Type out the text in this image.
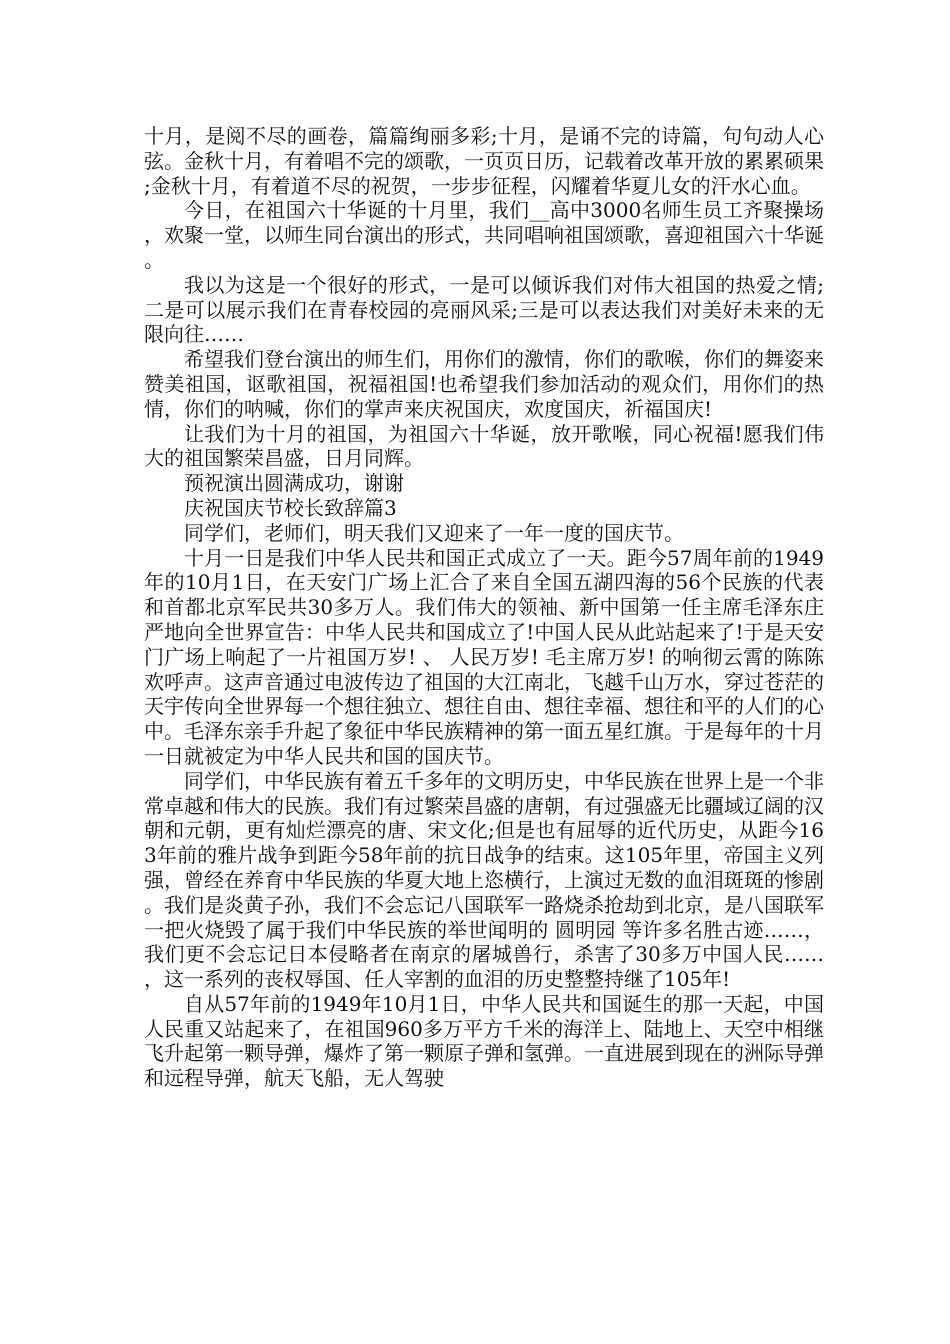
十月，是阅不尽的画卷，篇篇绚丽多彩;十月，是诵不完的诗篇，句句动人心弦。金秋十月，有着唱不完的颂歌，一页页日历，记载着改革开放的累累硕果;金秋十月，有着道不尽的祝贺，一步步征程，闪耀着华夏儿女的汗水心血。

今日，在祖国六十华诞的十月里，我们__高中3000名师生员工齐聚操场，欢聚一堂，以师生同台演出的形式，共同唱响祖国颂歌，喜迎祖国六十华诞。

我以为这是一个很好的形式，一是可以倾诉我们对伟大祖国的热爱之情;二是可以展示我们在青春校园的亮丽风采;三是可以表达我们对美好未来的无限向往……

希望我们登台演出的师生们，用你们的激情，你们的歌喉，你们的舞姿来赞美祖国，讴歌祖国，祝福祖国!也希望我们参加活动的观众们，用你们的热情，你们的呐喊，你们的掌声来庆祝国庆，欢度国庆，祈福国庆!

让我们为十月的祖国，为祖国六十华诞，放开歌喉，同心祝福!愿我们伟大的祖国繁荣昌盛，日月同辉。

预祝演出圆满成功，谢谢

庆祝国庆节校长致辞篇3

同学们，老师们，明天我们又迎来了一年一度的国庆节。

十月一日是我们中华人民共和国正式成立了一天。距今57周年前的1949年的10月1日，在天安门广场上汇合了来自全国五湖四海的56个民族的代表和首都北京军民共30多万人。我们伟大的领袖、新中国第一任主席毛泽东庄严地向全世界宣告：中华人民共和国成立了!中国人民从此站起来了!于是天安门广场上响起了一片祖国万岁! 、 人民万岁! 毛主席万岁! 的响彻云霄的陈陈欢呼声。这声音通过电波传边了祖国的大江南北，飞越千山万水，穿过苍茫的天宇传向全世界每一个想往独立、想往自由、想往幸福、想往和平的人们的心中。毛泽东亲手升起了象征中华民族精神的第一面五星红旗。于是每年的十月一日就被定为中华人民共和国的国庆节。

同学们，中华民族有着五千多年的文明历史，中华民族在世界上是一个非常卓越和伟大的民族。我们有过繁荣昌盛的唐朝，有过强盛无比疆域辽阔的汉朝和元朝，更有灿烂漂亮的唐、宋文化;但是也有屈辱的近代历史，从距今163年前的雅片战争到距今58年前的抗日战争的结束。这105年里，帝国主义列强，曾经在养育中华民族的华夏大地上恣横行，上演过无数的血泪斑斑的惨剧。我们是炎黄子孙，我们不会忘记八国联军一路烧杀抢劫到北京，是八国联军一把火烧毁了属于我们中华民族的举世闻明的 圆明园 等许多名胜古迹……，我们更不会忘记日本侵略者在南京的屠城兽行，杀害了30多万中国人民……，这一系列的丧权辱国、任人宰割的血泪的历史整整持继了105年!

自从57年前的1949年10月1日，中华人民共和国诞生的那一天起，中国人民重又站起来了，在祖国960多万平方千米的海洋上、陆地上、天空中相继飞升起第一颗导弹，爆炸了第一颗原子弹和氢弹。一直进展到现在的洲际导弹和远程导弹，航天飞船，无人驾驶
